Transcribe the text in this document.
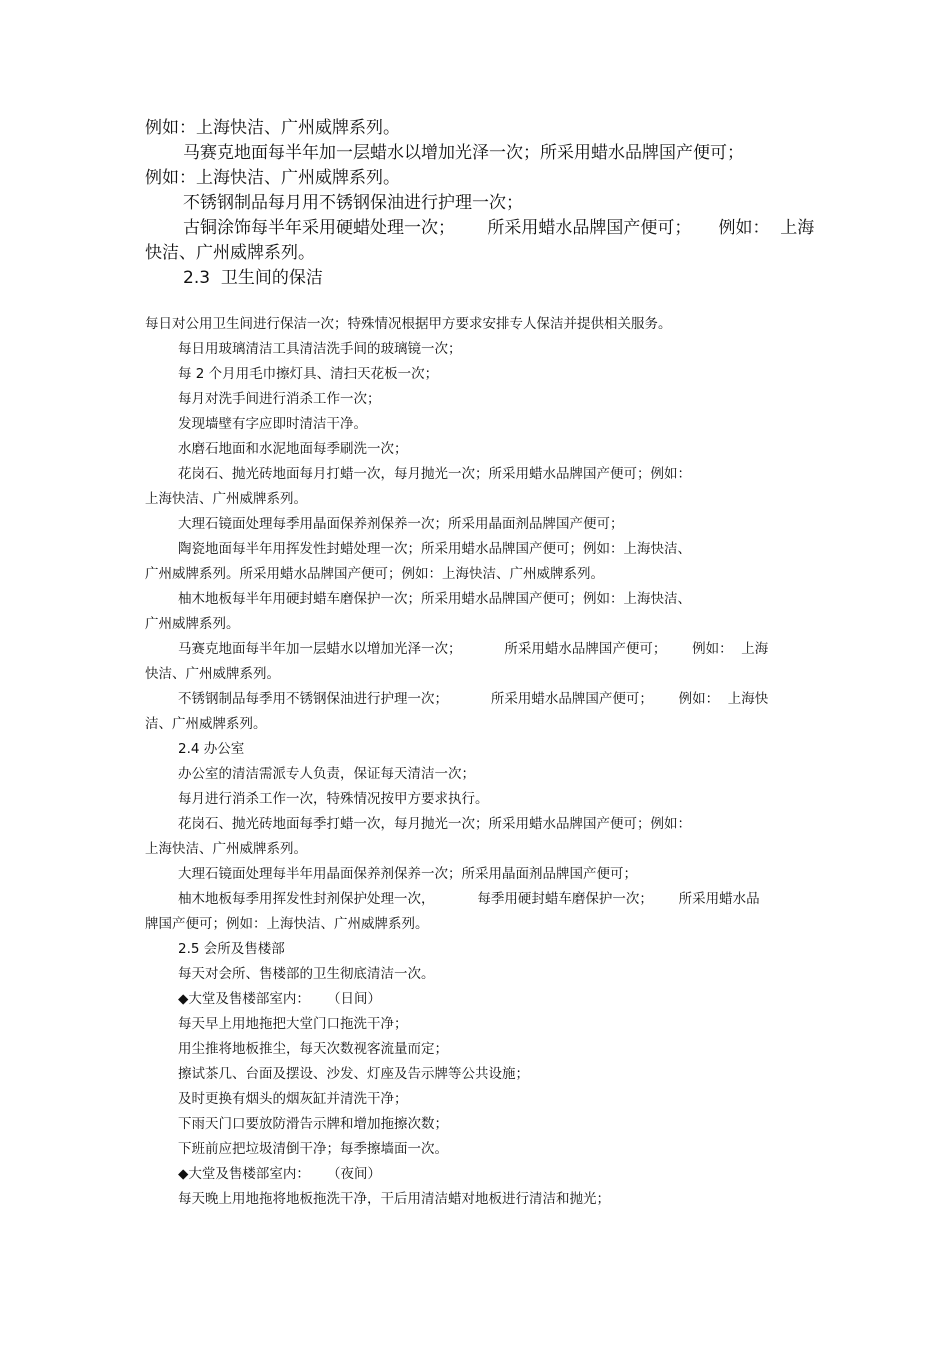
例如：上海快洁、广州威牌系列。

马赛克地面每半年加一层蜡水以增加光泽一次；所采用蜡水品牌国产便可；

例如：上海快洁、广州威牌系列。

不锈钢制品每月用不锈钢保油进行护理一次；

古铜涂饰每半年采用硬蜡处理一次；      所采用蜡水品牌国产便可；     例如：  上海

快洁、广州威牌系列。

2.3  卫生间的保洁

每日对公用卫生间进行保洁一次；特殊情况根据甲方要求安排专人保洁并提供相关服务。

每日用玻璃清洁工具清洁洗手间的玻璃镜一次；

每 2 个月用毛巾擦灯具、清扫天花板一次；

每月对洗手间进行消杀工作一次；

发现墙壁有字应即时清洁干净。

水磨石地面和水泥地面每季刷洗一次；

花岗石、抛光砖地面每月打蜡一次，每月抛光一次；所采用蜡水品牌国产便可；例如：

上海快洁、广州威牌系列。

大理石镜面处理每季用晶面保养剂保养一次；所采用晶面剂品牌国产便可；

陶瓷地面每半年用挥发性封蜡处理一次；所采用蜡水品牌国产便可；例如：上海快洁、

广州威牌系列。所采用蜡水品牌国产便可；例如：上海快洁、广州威牌系列。

柚木地板每半年用硬封蜡车磨保护一次；所采用蜡水品牌国产便可；例如：上海快洁、

广州威牌系列。

马赛克地面每半年加一层蜡水以增加光泽一次；          所采用蜡水品牌国产便可；      例如：  上海

快洁、广州威牌系列。

不锈钢制品每季用不锈钢保油进行护理一次；          所采用蜡水品牌国产便可；      例如：  上海快

洁、广州威牌系列。

2.4 办公室

办公室的清洁需派专人负责，保证每天清洁一次；

每月进行消杀工作一次，特殊情况按甲方要求执行。

花岗石、抛光砖地面每季打蜡一次，每月抛光一次；所采用蜡水品牌国产便可；例如：

上海快洁、广州威牌系列。

大理石镜面处理每半年用晶面保养剂保养一次；所采用晶面剂品牌国产便可；

柚木地板每季用挥发性封剂保护处理一次，          每季用硬封蜡车磨保护一次；      所采用蜡水品

牌国产便可；例如：上海快洁、广州威牌系列。

2.5 会所及售楼部

每天对会所、售楼部的卫生彻底清洁一次。

◆大堂及售楼部室内：    （日间）

每天早上用地拖把大堂门口拖洗干净；

用尘推将地板推尘，每天次数视客流量而定；

擦试茶几、台面及摆设、沙发、灯座及告示牌等公共设施；

及时更换有烟头的烟灰缸并清洗干净；

下雨天门口要放防滑告示牌和增加拖擦次数；

下班前应把垃圾清倒干净；每季擦墙面一次。

◆大堂及售楼部室内：    （夜间）

每天晚上用地拖将地板拖洗干净，干后用清洁蜡对地板进行清洁和抛光；
